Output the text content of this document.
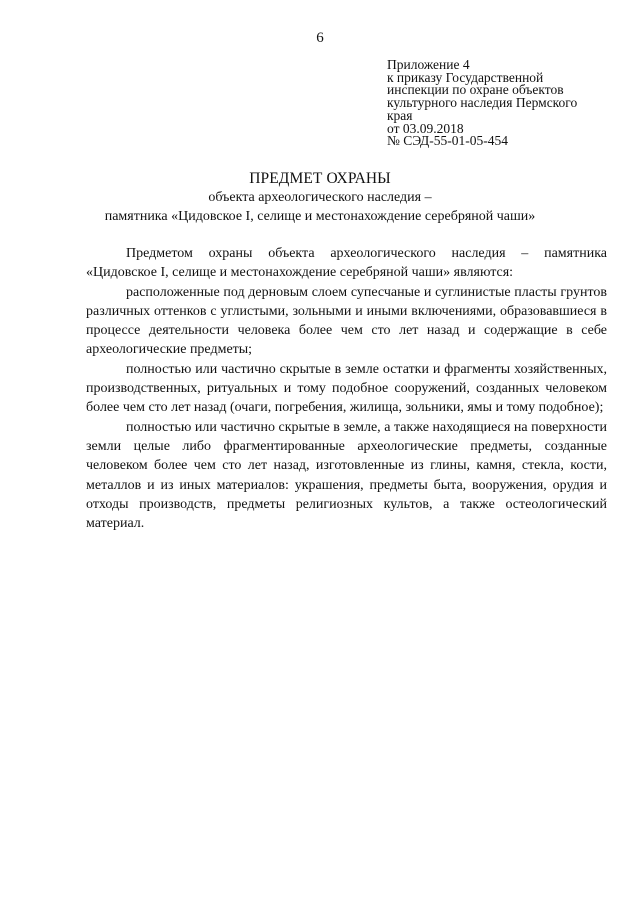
6
Приложение 4
к приказу Государственной
инспекции по охране объектов
культурного наследия Пермского
края
от 03.09.2018
№ СЭД-55-01-05-454
ПРЕДМЕТ ОХРАНЫ
объекта археологического наследия –
памятника «Цидовское I, селище и местонахождение серебряной чаши»

Предметом охраны объекта археологического наследия – памятника «Цидовское I, селище и местонахождение серебряной чаши» являются:

расположенные под дерновым слоем супесчаные и суглинистые пласты грунтов различных оттенков с углистыми, зольными и иными включениями, образовавшиеся в процессе деятельности человека более чем сто лет назад и содержащие в себе археологические предметы;

полностью или частично скрытые в земле остатки и фрагменты хозяйственных, производственных, ритуальных и тому подобное сооружений, созданных человеком более чем сто лет назад (очаги, погребения, жилища, зольники, ямы и тому подобное);

полностью или частично скрытые в земле, а также находящиеся на поверхности земли целые либо фрагментированные археологические предметы, созданные человеком более чем сто лет назад, изготовленные из глины, камня, стекла, кости, металлов и из иных материалов: украшения, предметы быта, вооружения, орудия и отходы производств, предметы религиозных культов, а также остеологический материал.
